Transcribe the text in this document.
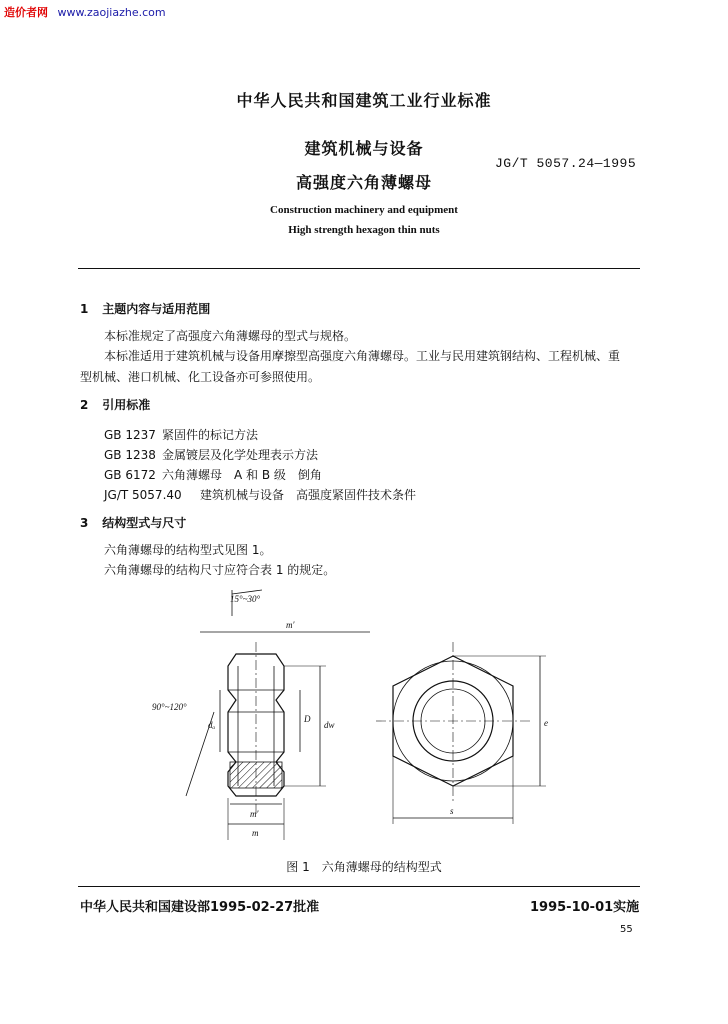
造价者网 www.zaojiazhe.com
中华人民共和国建筑工业行业标准
建筑机械与设备
高强度六角薄螺母
JG/T 5057.24—1995
Construction machinery and equipment
High strength hexagon thin nuts
1 主题内容与适用范围
本标准规定了高强度六角薄螺母的型式与规格。
本标准适用于建筑机械与设备用摩擦型高强度六角薄螺母。工业与民用建筑钢结构、工程机械、重
型机械、港口机械、化工设备亦可参照使用。
2 引用标准
GB 1237 紧固件的标记方法
GB 1238 金属镀层及化学处理表示方法
GB 6172 六角薄螺母　A 和 B 级　倒角
JG/T 5057.40 建筑机械与设备　高强度紧固件技术条件
3 结构型式与尺寸
六角薄螺母的结构型式见图 1。
六角薄螺母的结构尺寸应符合表 1 的规定。
15°~30°
m′
90°~120°
dₐ
D
dw
m′
m
e
s
图 1　六角薄螺母的结构型式
中华人民共和国建设部1995-02-27批准	1995-10-01实施
55
